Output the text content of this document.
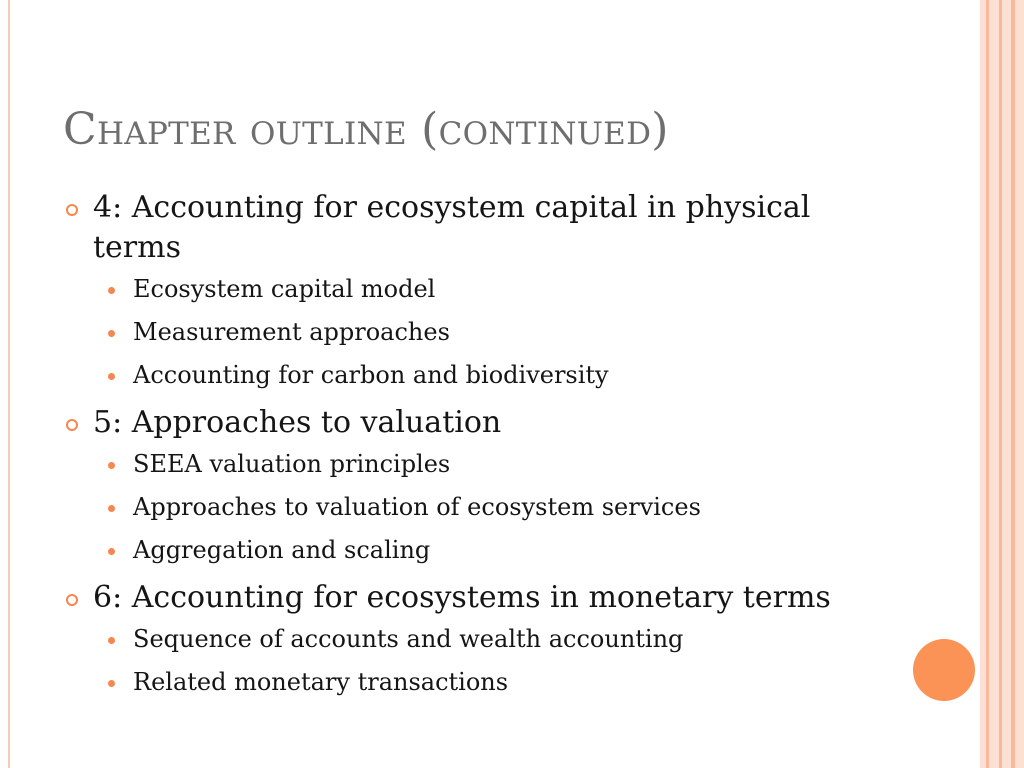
Chapter outline (continued)
4: Accounting for ecosystem capital in physical terms
Ecosystem capital model
Measurement approaches
Accounting for carbon and biodiversity
5: Approaches to valuation
SEEA valuation principles
Approaches to valuation of ecosystem services
Aggregation and scaling
6: Accounting for ecosystems in monetary terms
Sequence of accounts and wealth accounting
Related monetary transactions
